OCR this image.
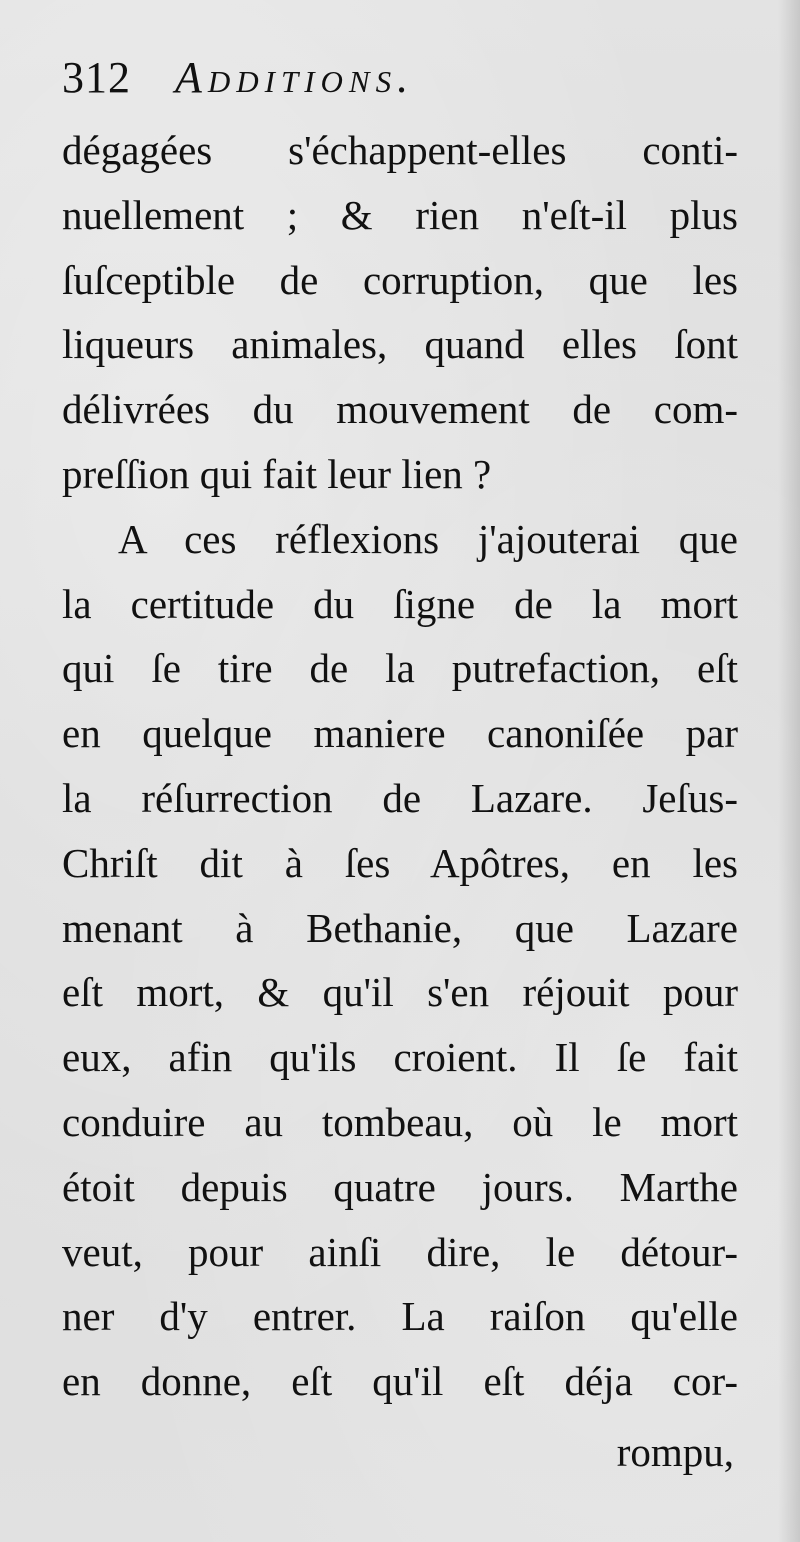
312 Additions.
dégagées s'échappent-elles conti-
nuellement ; & rien n'eſt-il plus
ſuſceptible de corruption, que les
liqueurs animales, quand elles ſont
délivrées du mouvement de com-
preſſion qui fait leur lien ?
A ces réflexions j'ajouterai que
la certitude du ſigne de la mort
qui ſe tire de la putrefaction, eſt
en quelque maniere canoniſée par
la réſurrection de Lazare. Jeſus-
Chriſt dit à ſes Apôtres, en les
menant à Bethanie, que Lazare
eſt mort, & qu'il s'en réjouit pour
eux, afin qu'ils croient. Il ſe fait
conduire au tombeau, où le mort
étoit depuis quatre jours. Marthe
veut, pour ainſi dire, le détour-
ner d'y entrer. La raiſon qu'elle
en donne, eſt qu'il eſt déja cor-
rompu,
